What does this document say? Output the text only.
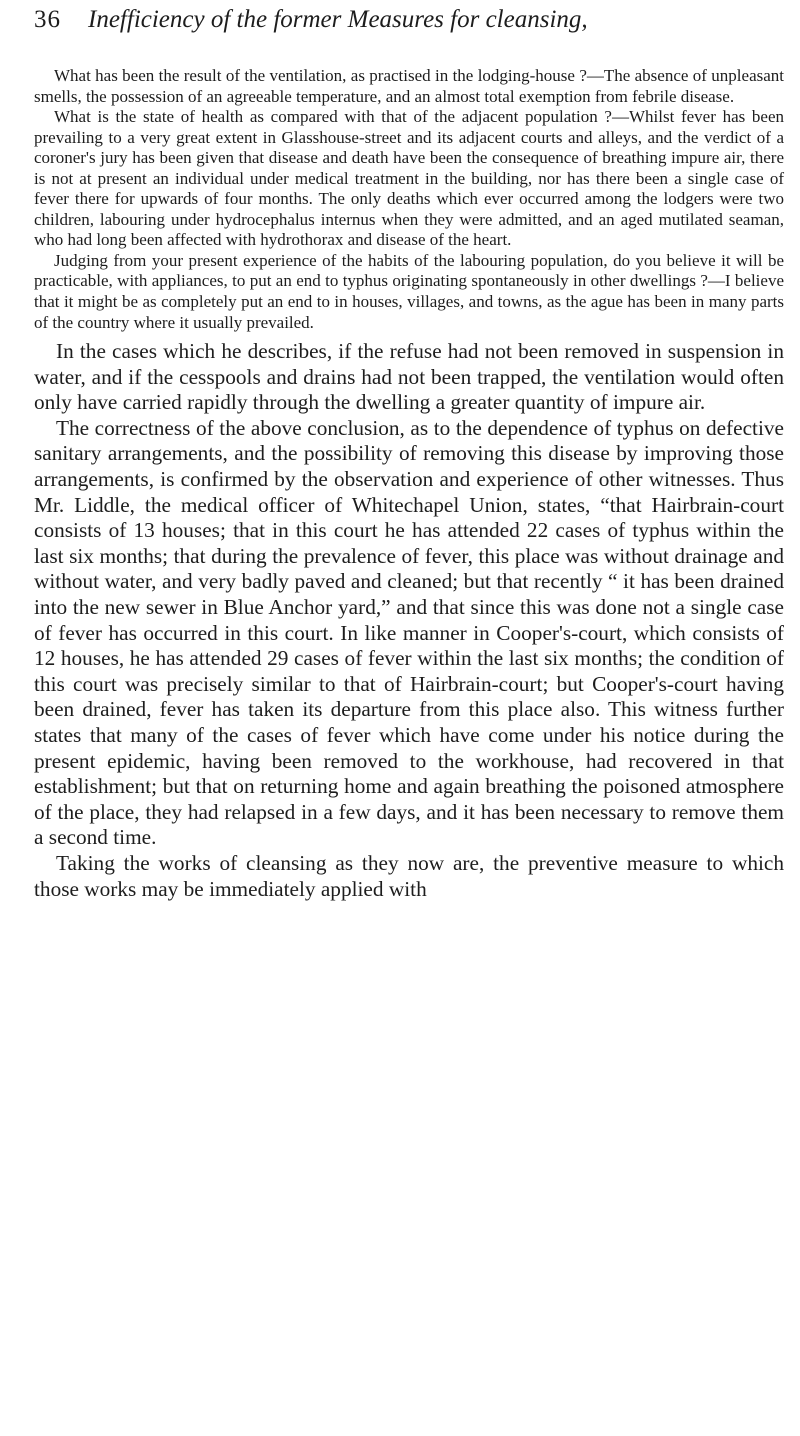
36 Inefficiency of the former Measures for cleansing,

What has been the result of the ventilation, as practised in the lodging-house ?—The absence of unpleasant smells, the possession of an agreeable temperature, and an almost total exemption from febrile disease.

What is the state of health as compared with that of the adjacent population ?—Whilst fever has been prevailing to a very great extent in Glasshouse-street and its adjacent courts and alleys, and the verdict of a coroner's jury has been given that disease and death have been the consequence of breathing impure air, there is not at present an individual under medical treatment in the building, nor has there been a single case of fever there for upwards of four months. The only deaths which ever occurred among the lodgers were two children, labouring under hydrocephalus internus when they were admitted, and an aged mutilated seaman, who had long been affected with hydrothorax and disease of the heart.

Judging from your present experience of the habits of the labouring population, do you believe it will be practicable, with appliances, to put an end to typhus originating spontaneously in other dwellings ?—I believe that it might be as completely put an end to in houses, villages, and towns, as the ague has been in many parts of the country where it usually prevailed.

In the cases which he describes, if the refuse had not been removed in suspension in water, and if the cesspools and drains had not been trapped, the ventilation would often only have carried rapidly through the dwelling a greater quantity of impure air.

The correctness of the above conclusion, as to the dependence of typhus on defective sanitary arrangements, and the possibility of removing this disease by improving those arrangements, is confirmed by the observation and experience of other witnesses. Thus Mr. Liddle, the medical officer of Whitechapel Union, states, “that Hairbrain-court consists of 13 houses; that in this court he has attended 22 cases of typhus within the last six months; that during the prevalence of fever, this place was without drainage and without water, and very badly paved and cleaned; but that recently “ it has been drained into the new sewer in Blue Anchor yard,” and that since this was done not a single case of fever has occurred in this court. In like manner in Cooper's-court, which consists of 12 houses, he has attended 29 cases of fever within the last six months; the condition of this court was precisely similar to that of Hairbrain-court; but Cooper's-court having been drained, fever has taken its departure from this place also. This witness further states that many of the cases of fever which have come under his notice during the present epidemic, having been removed to the workhouse, had recovered in that establishment; but that on returning home and again breathing the poisoned atmosphere of the place, they had relapsed in a few days, and it has been necessary to remove them a second time.

Taking the works of cleansing as they now are, the preventive measure to which those works may be immediately applied with
